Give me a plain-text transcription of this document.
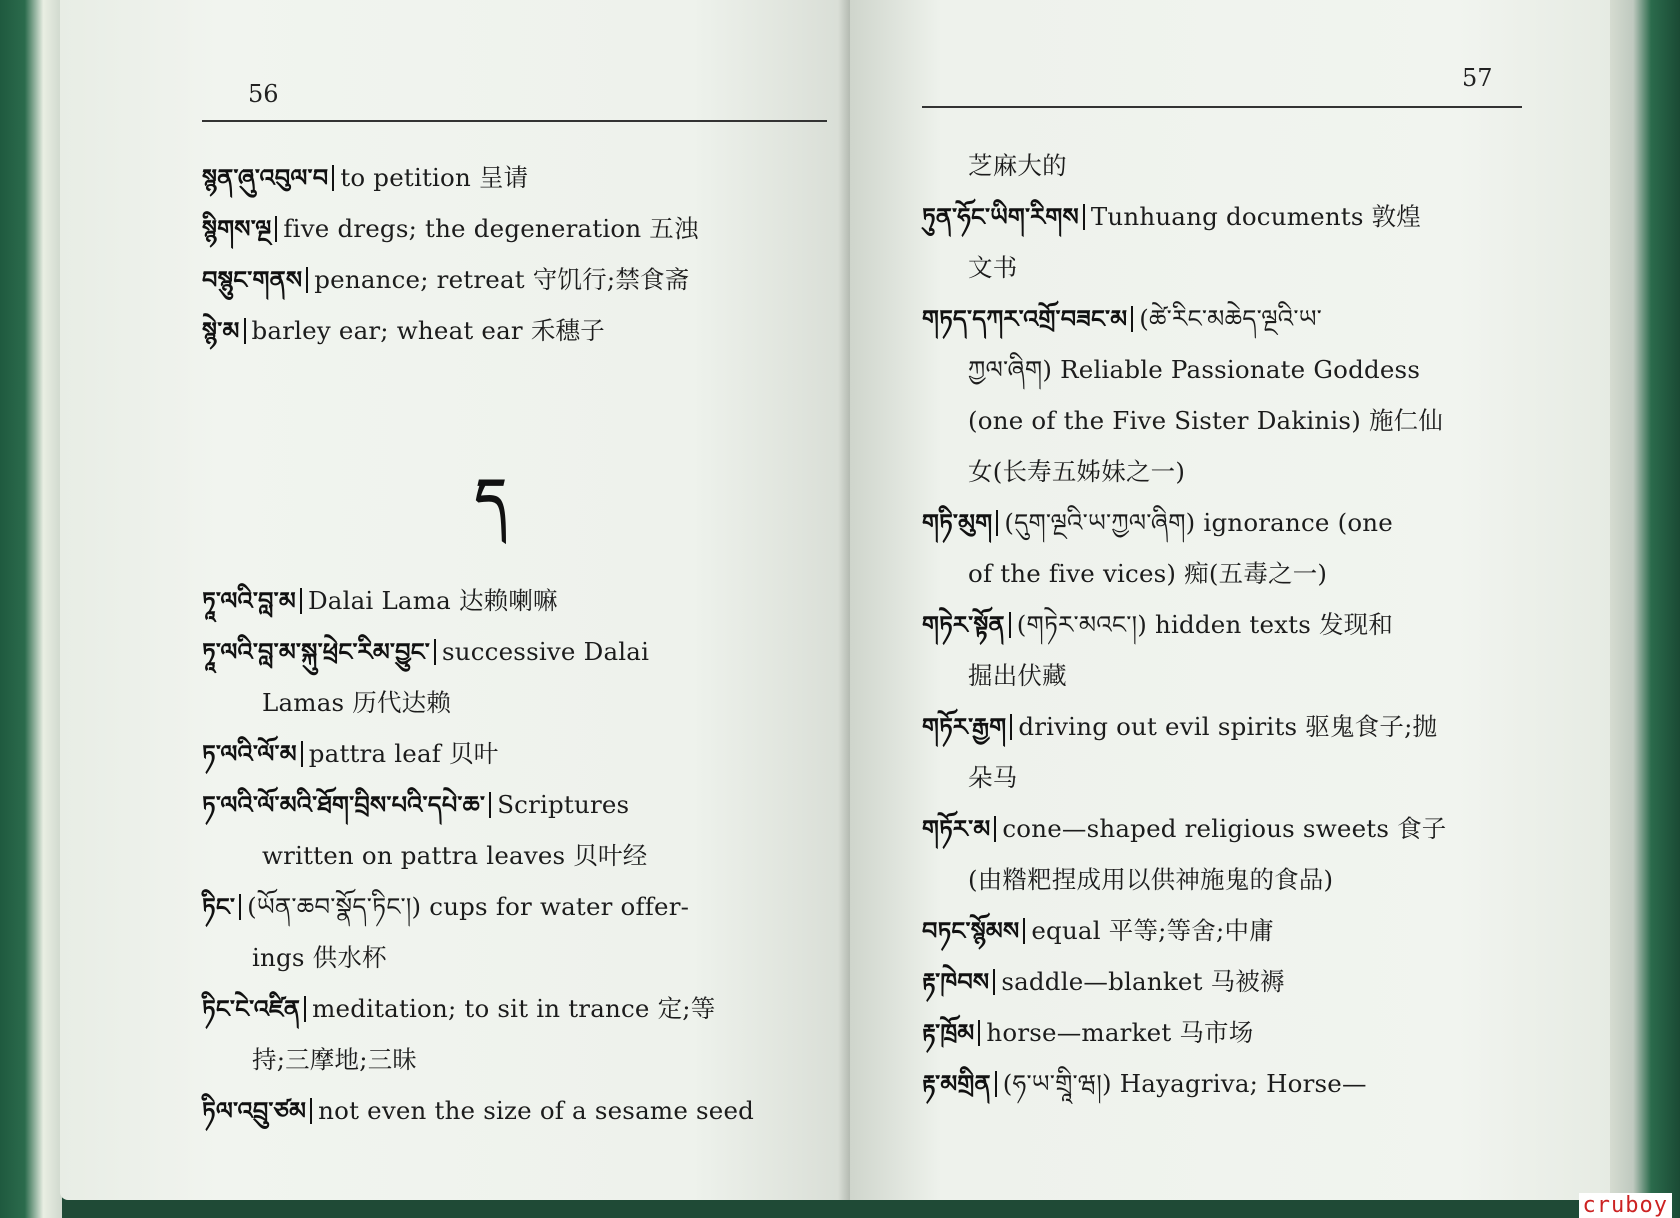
56
སྙན་ཞུ་འབུལ་བ to petition 呈请
སྙིགས་ལྔ five dregs; the degeneration 五浊
བསྙུང་གནས penance; retreat 守饥行;禁食斋
སྙེ་མ barley ear; wheat ear 禾穗子
ད
ཏཱ་ལའི་བླ་མ Dalai Lama 达赖喇嘛
ཏཱ་ལའི་བླ་མ་སྐུ་ཕྲེང་རིམ་བྱུང་ successive Dalai
Lamas 历代达赖
ཏ་ལའི་ལོ་མ pattra leaf 贝叶
ཏ་ལའི་ལོ་མའི་ཐོག་བྲིས་པའི་དཔེ་ཆ་ Scriptures
written on pattra leaves 贝叶经
ཏིང་ (ཡོན་ཆབ་སྣོད་ཏིང་།) cups for water offer-
ings 供水杯
ཏིང་ངེ་འཛིན meditation; to sit in trance 定;等
持;三摩地;三昧
ཏིལ་འབྲུ་ཙམ not even the size of a sesame seed
57
芝麻大的
ཏུན་ཧོང་ཡིག་རིགས Tunhuang documents 敦煌
文书
གཏད་དཀར་འགྲོ་བཟང་མ (ཚེ་རིང་མཆེད་ལྔའི་ཡ་
ཀྱལ་ཞིག) Reliable Passionate Goddess
(one of the Five Sister Dakinis) 施仁仙
女(长寿五姊妹之一)
གཏི་མུག (དུག་ལྔའི་ཡ་ཀྱལ་ཞིག) ignorance (one
of the five vices) 痴(五毒之一)
གཏེར་སྟོན (གཏེར་མའང་།) hidden texts 发现和
掘出伏藏
གཏོར་རྒྱག driving out evil spirits 驱鬼食子;抛
朵马
གཏོར་མ cone—shaped religious sweets 食子
(由糌粑捏成用以供神施鬼的食品)
བཏང་སྙོམས equal 平等;等舍;中庸
རྟ་ཁེབས saddle—blanket 马被褥
རྟ་ཁྲོམ horse—market 马市场
རྟ་མགྲིན (ཧ་ཡ་གྲཱི་ཝ།) Hayagriva; Horse—
cruboy
